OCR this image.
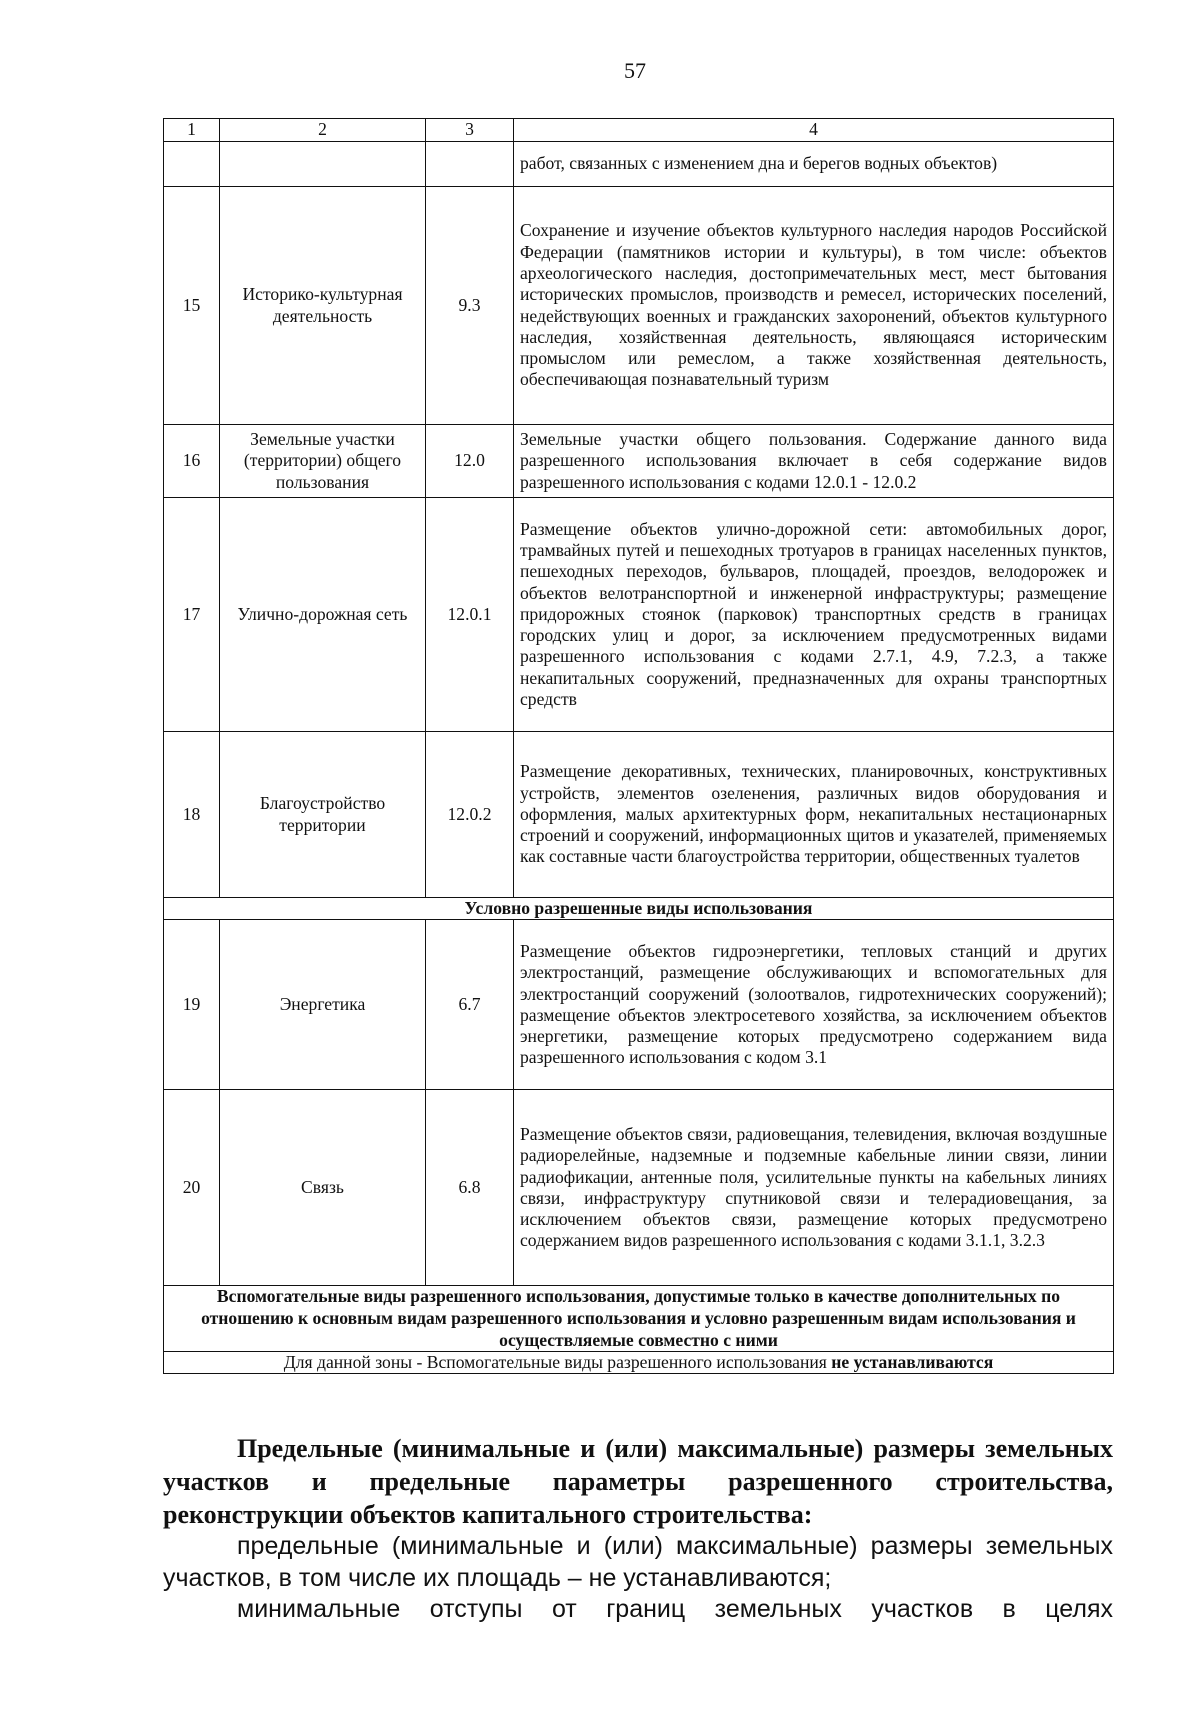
57
1	2	3	4
			работ, связанных с изменением дна и берегов водных объектов)
15	Историко-культурная деятельность	9.3	Сохранение и изучение объектов культурного наследия народов Российской Федерации (памятников истории и культуры), в том числе: объектов археологического наследия, достопримечательных мест, мест бытования исторических промыслов, производств и ремесел, исторических поселений, недействующих военных и гражданских захоронений, объектов культурного наследия, хозяйственная деятельность, являющаяся историческим промыслом или ремеслом, а также хозяйственная деятельность, обеспечивающая познавательный туризм
16	Земельные участки (территории) общего пользования	12.0	Земельные участки общего пользования. Содержание данного вида разрешенного использования включает в себя содержание видов разрешенного использования с кодами 12.0.1 - 12.0.2
17	Улично-дорожная сеть	12.0.1	Размещение объектов улично-дорожной сети: автомобильных дорог, трамвайных путей и пешеходных тротуаров в границах населенных пунктов, пешеходных переходов, бульваров, площадей, проездов, велодорожек и объектов велотранспортной и инженерной инфраструктуры; размещение придорожных стоянок (парковок) транспортных средств в границах городских улиц и дорог, за исключением предусмотренных видами разрешенного использования с кодами 2.7.1, 4.9, 7.2.3, а также некапитальных сооружений, предназначенных для охраны транспортных средств
18	Благоустройство территории	12.0.2	Размещение декоративных, технических, планировочных, конструктивных устройств, элементов озеленения, различных видов оборудования и оформления, малых архитектурных форм, некапитальных нестационарных строений и сооружений, информационных щитов и указателей, применяемых как составные части благоустройства территории, общественных туалетов
Условно разрешенные виды использования			
19	Энергетика	6.7	Размещение объектов гидроэнергетики, тепловых станций и других электростанций, размещение обслуживающих и вспомогательных для электростанций сооружений (золоотвалов, гидротехнических сооружений); размещение объектов электросетевого хозяйства, за исключением объектов энергетики, размещение которых предусмотрено содержанием вида разрешенного использования с кодом 3.1
20	Связь	6.8	Размещение объектов связи, радиовещания, телевидения, включая воздушные радиорелейные, надземные и подземные кабельные линии связи, линии радиофикации, антенные поля, усилительные пункты на кабельных линиях связи, инфраструктуру спутниковой связи и телерадиовещания, за исключением объектов связи, размещение которых предусмотрено содержанием видов разрешенного использования с кодами 3.1.1, 3.2.3
Вспомогательные виды разрешенного использования, допустимые только в качестве дополнительных по отношению к основным видам разрешенного использования и условно разрешенным видам использования и осуществляемые совместно с ними			
Для данной зоны - Вспомогательные виды разрешенного использования не устанавливаются			

Предельные (минимальные и (или) максимальные) размеры земельных участков и предельные параметры разрешенного строительства, реконструкции объектов капитального строительства:

предельные (минимальные и (или) максимальные) размеры земельных участков, в том числе их площадь – не устанавливаются;

минимальные отступы от границ земельных участков в целях
